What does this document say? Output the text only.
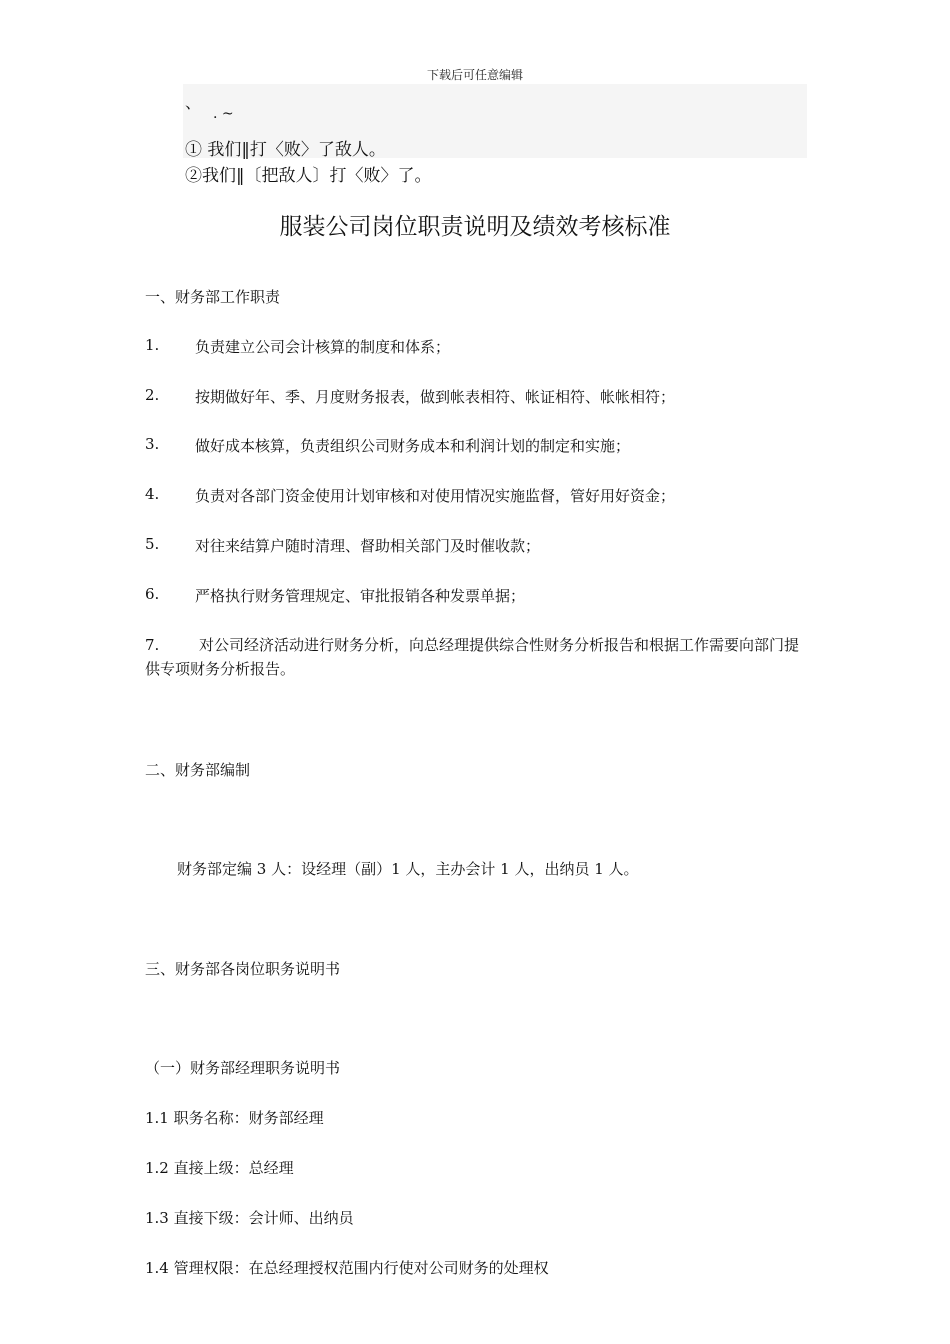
下载后可任意编辑
、
. ~
① 我们‖打〈败〉了敌人。
②我们‖〔把敌人〕打〈败〉了。
服装公司岗位职责说明及绩效考核标准
一、财务部工作职责
1. 负责建立公司会计核算的制度和体系；
2. 按期做好年、季、月度财务报表，做到帐表相符、帐证相符、帐帐相符；
3. 做好成本核算，负责组织公司财务成本和利润计划的制定和实施；
4. 负责对各部门资金使用计划审核和对使用情况实施监督，管好用好资金；
5. 对往来结算户随时清理、督助相关部门及时催收款；
6. 严格执行财务管理规定、审批报销各种发票单据；
7.	对公司经济活动进行财务分析，向总经理提供综合性财务分析报告和根据工作需要向部门提供专项财务分析报告。
二、财务部编制
财务部定编 3 人：设经理（副）1 人，主办会计 1 人，出纳员 1 人。
三、财务部各岗位职务说明书
（一）财务部经理职务说明书
1.1 职务名称：财务部经理
1.2 直接上级：总经理
1.3 直接下级：会计师、出纳员
1.4 管理权限：在总经理授权范围内行使对公司财务的处理权
